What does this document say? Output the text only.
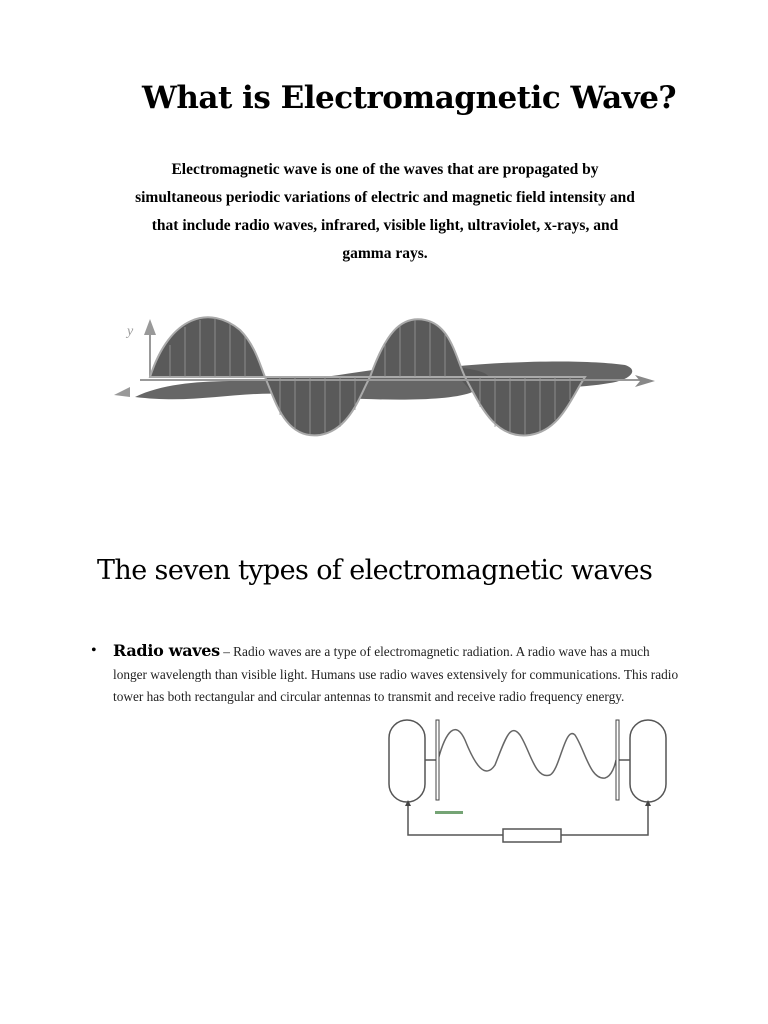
What is Electromagnetic Wave?
Electromagnetic wave is one of the waves that are propagated by simultaneous periodic variations of electric and magnetic field intensity and that include radio waves, infrared, visible light, ultraviolet, x-rays, and gamma rays.
y
The seven types of electromagnetic waves
• Radio waves – Radio waves are a type of electromagnetic radiation. A radio wave has a much longer wavelength than visible light. Humans use radio waves extensively for communications. This radio tower has both rectangular and circular antennas to transmit and receive radio frequency energy.
